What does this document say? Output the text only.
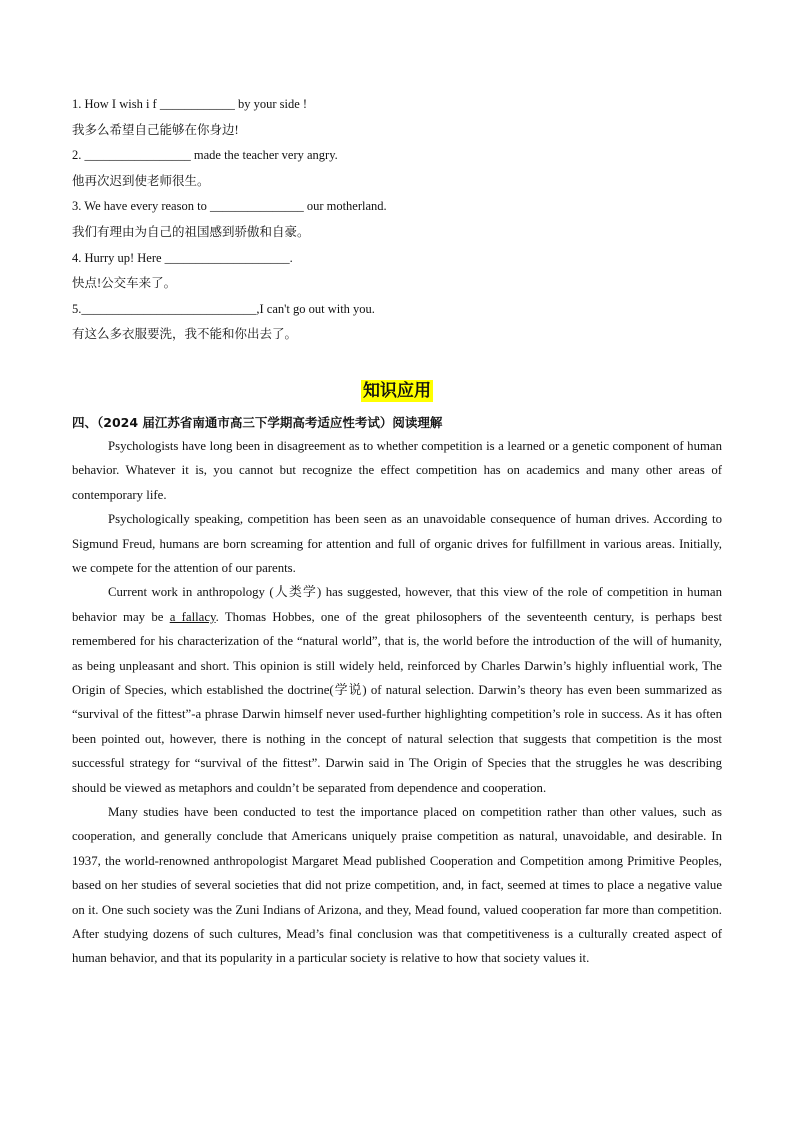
1. How I wish i f ____________ by your side !

我多么希望自己能够在你身边!

2. _________________ made the teacher very angry.

他再次迟到使老师很生。

3. We have every reason to _______________ our motherland.

我们有理由为自己的祖国感到骄傲和自豪。

4. Hurry up! Here ____________________.

快点!公交车来了。

5.____________________________,I can't go out with you.

有这么多衣服要洗，我不能和你出去了。

知识应用
四、（2024 届江苏省南通市高三下学期高考适应性考试）阅读理解

Psychologists have long been in disagreement as to whether competition is a learned or a genetic component of human behavior. Whatever it is, you cannot but recognize the effect competition has on academics and many other areas of contemporary life.

Psychologically speaking, competition has been seen as an unavoidable consequence of human drives. According to Sigmund Freud, humans are born screaming for attention and full of organic drives for fulfillment in various areas. Initially, we compete for the attention of our parents.

Current work in anthropology (人类学) has suggested, however, that this view of the role of competition in human behavior may be a fallacy. Thomas Hobbes, one of the great philosophers of the seventeenth century, is perhaps best remembered for his characterization of the “natural world”, that is, the world before the introduction of the will of humanity, as being unpleasant and short. This opinion is still widely held, reinforced by Charles Darwin’s highly influential work, The Origin of Species, which established the doctrine(学说) of natural selection. Darwin’s theory has even been summarized as “survival of the fittest”-a phrase Darwin himself never used-further highlighting competition’s role in success. As it has often been pointed out, however, there is nothing in the concept of natural selection that suggests that competition is the most successful strategy for “survival of the fittest”. Darwin said in The Origin of Species that the struggles he was describing should be viewed as metaphors and couldn’t be separated from dependence and cooperation.

Many studies have been conducted to test the importance placed on competition rather than other values, such as cooperation, and generally conclude that Americans uniquely praise competition as natural, unavoidable, and desirable. In 1937, the world-renowned anthropologist Margaret Mead published Cooperation and Competition among Primitive Peoples, based on her studies of several societies that did not prize competition, and, in fact, seemed at times to place a negative value on it. One such society was the Zuni Indians of Arizona, and they, Mead found, valued cooperation far more than competition. After studying dozens of such cultures, Mead’s final conclusion was that competitiveness is a culturally created aspect of human behavior, and that its popularity in a particular society is relative to how that society values it.
